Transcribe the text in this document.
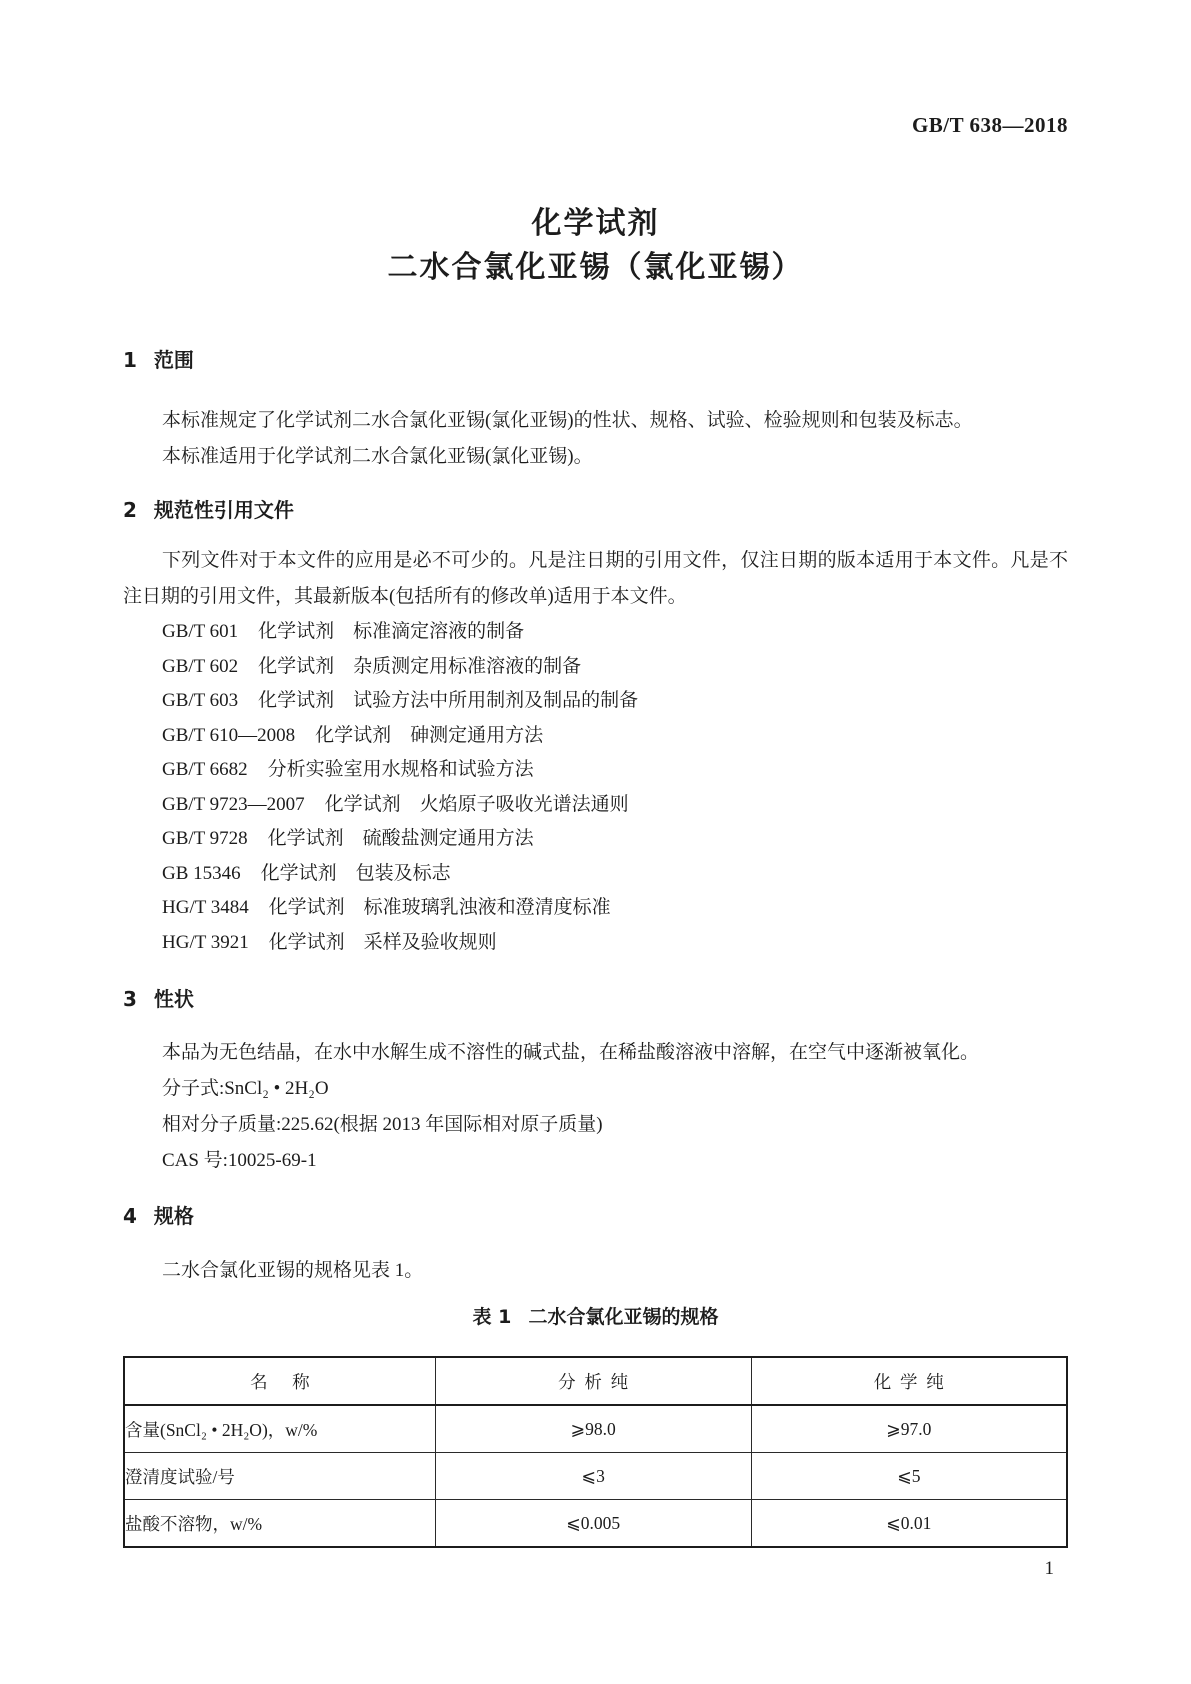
GB/T 638—2018
化学试剂
二水合氯化亚锡（氯化亚锡）
1 范围

本标准规定了化学试剂二水合氯化亚锡(氯化亚锡)的性状、规格、试验、检验规则和包装及标志。

本标准适用于化学试剂二水合氯化亚锡(氯化亚锡)。

2 规范性引用文件

下列文件对于本文件的应用是必不可少的。凡是注日期的引用文件，仅注日期的版本适用于本文件。凡是不注日期的引用文件，其最新版本(包括所有的修改单)适用于本文件。

GB/T 601 化学试剂　标准滴定溶液的制备
GB/T 602 化学试剂　杂质测定用标准溶液的制备
GB/T 603 化学试剂　试验方法中所用制剂及制品的制备
GB/T 610—2008 化学试剂　砷测定通用方法
GB/T 6682 分析实验室用水规格和试验方法
GB/T 9723—2007 化学试剂　火焰原子吸收光谱法通则
GB/T 9728 化学试剂　硫酸盐测定通用方法
GB 15346 化学试剂　包装及标志
HG/T 3484 化学试剂　标准玻璃乳浊液和澄清度标准
HG/T 3921 化学试剂　采样及验收规则
3 性状

本品为无色结晶，在水中水解生成不溶性的碱式盐，在稀盐酸溶液中溶解，在空气中逐渐被氧化。

分子式:SnCl₂ • 2H₂O

相对分子质量:225.62(根据 2013 年国际相对原子质量)

CAS 号:10025-69-1

4 规格

二水合氯化亚锡的规格见表 1。

表 1 二水合氯化亚锡的规格
名称	分析纯	化学纯
含量(SnCl₂ • 2H₂O)，w/%	⩾98.0	⩾97.0
澄清度试验/号	⩽3	⩽5
盐酸不溶物，w/%	⩽0.005	⩽0.01
1
